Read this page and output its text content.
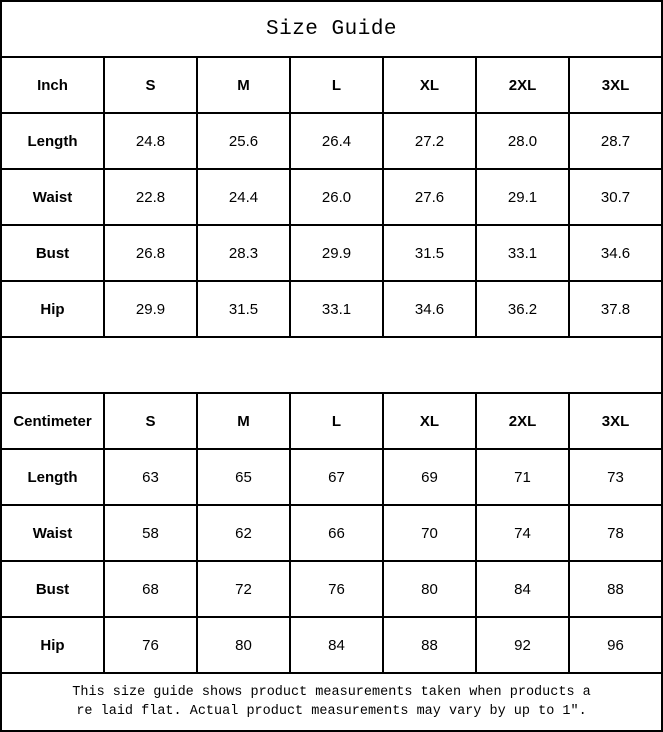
Size Guide						
Inch	S	M	L	XL	2XL	3XL
Length	24.8	25.6	26.4	27.2	28.0	28.7
Waist	22.8	24.4	26.0	27.6	29.1	30.7
Bust	26.8	28.3	29.9	31.5	33.1	34.6
Hip	29.9	31.5	33.1	34.6	36.2	37.8

Centimeter	S	M	L	XL	2XL	3XL
Length	63	65	67	69	71	73
Waist	58	62	66	70	74	78
Bust	68	72	76	80	84	88
Hip	76	80	84	88	92	96

This size guide shows product measurements taken when products a
re laid flat. Actual product measurements may vary by up to 1″.						
